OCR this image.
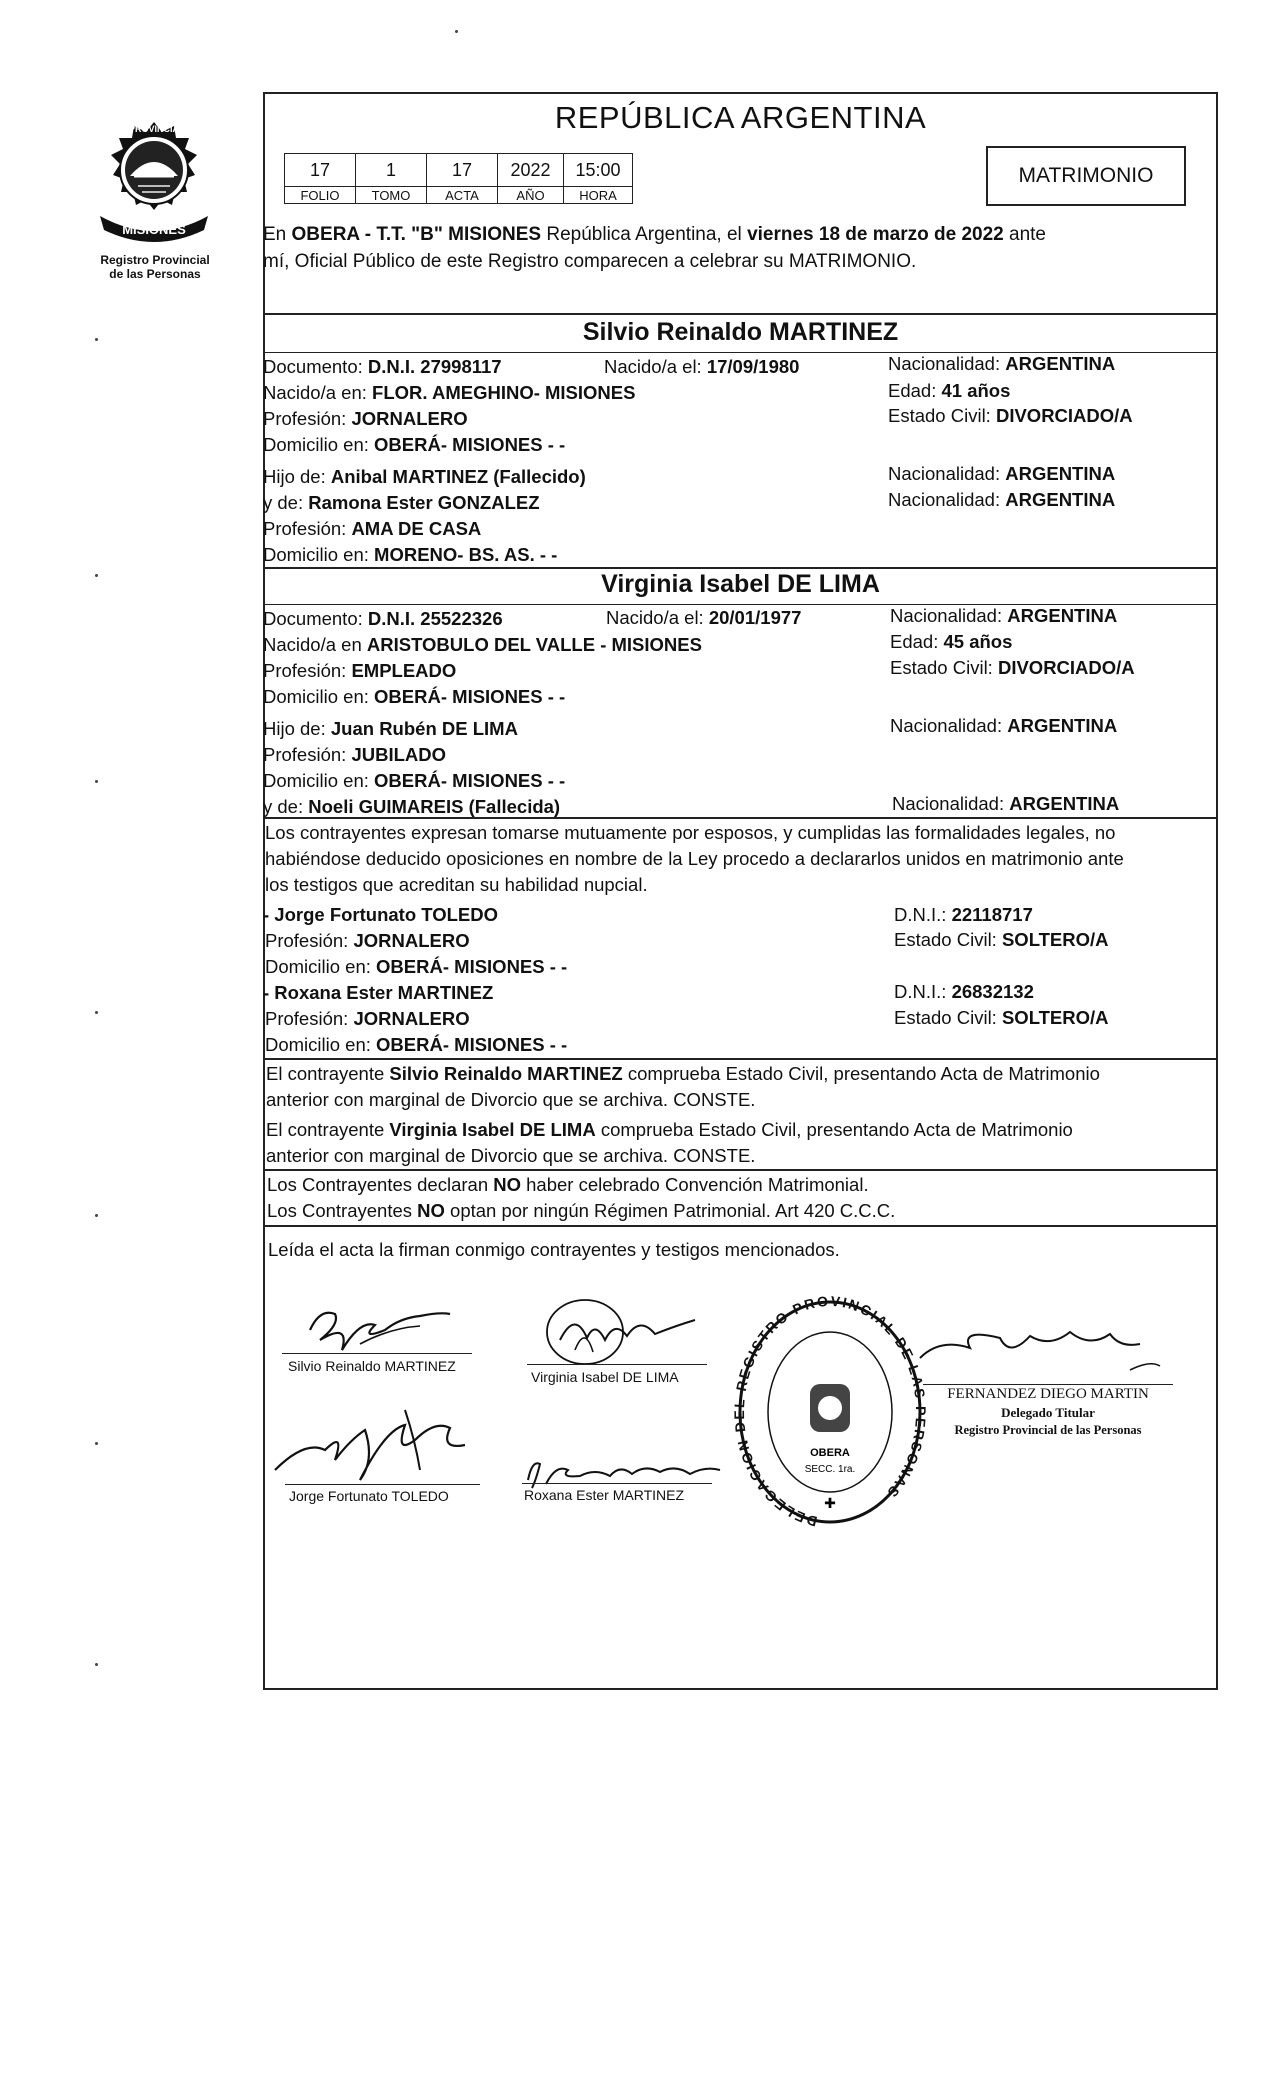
PROVINCIA
DE
MISIONES
Registro Provincial
de las Personas
REPÚBLICA ARGENTINA
17	1	17	2022	15:00
FOLIO	TOMO	ACTA	AÑO	HORA
MATRIMONIO
En OBERA - T.T. "B" MISIONES República Argentina, el viernes 18 de marzo de 2022 ante
mí, Oficial Público de este Registro comparecen a celebrar su MATRIMONIO.
Silvio Reinaldo MARTINEZ
Documento: D.N.I. 27998117	Nacido/a el: 17/09/1980	Nacionalidad: ARGENTINA
Nacido/a en: FLOR. AMEGHINO- MISIONES	Edad: 41 años
Profesión: JORNALERO	Estado Civil: DIVORCIADO/A
Domicilio en: OBERÁ- MISIONES - -
Hijo de: Anibal MARTINEZ (Fallecido)	Nacionalidad: ARGENTINA
y de: Ramona Ester GONZALEZ	Nacionalidad: ARGENTINA
Profesión: AMA DE CASA
Domicilio en: MORENO- BS. AS. - -
Virginia Isabel DE LIMA
Documento: D.N.I. 25522326	Nacido/a el: 20/01/1977	Nacionalidad: ARGENTINA
Nacido/a en ARISTOBULO DEL VALLE - MISIONES	Edad: 45 años
Profesión: EMPLEADO	Estado Civil: DIVORCIADO/A
Domicilio en: OBERÁ- MISIONES - -
Hijo de: Juan Rubén DE LIMA	Nacionalidad: ARGENTINA
Profesión: JUBILADO
Domicilio en: OBERÁ- MISIONES - -
y de: Noeli GUIMAREIS (Fallecida)	Nacionalidad: ARGENTINA
Los contrayentes expresan tomarse mutuamente por esposos, y cumplidas las formalidades legales, no
habiéndose deducido oposiciones en nombre de la Ley procedo a declararlos unidos en matrimonio ante
los testigos que acreditan su habilidad nupcial.
- Jorge Fortunato TOLEDO	D.N.I.: 22118717
Profesión: JORNALERO	Estado Civil: SOLTERO/A
Domicilio en: OBERÁ- MISIONES - -
- Roxana Ester MARTINEZ	D.N.I.: 26832132
Profesión: JORNALERO	Estado Civil: SOLTERO/A
Domicilio en: OBERÁ- MISIONES - -
El contrayente Silvio Reinaldo MARTINEZ comprueba Estado Civil, presentando Acta de Matrimonio
anterior con marginal de Divorcio que se archiva. CONSTE.
El contrayente Virginia Isabel DE LIMA comprueba Estado Civil, presentando Acta de Matrimonio
anterior con marginal de Divorcio que se archiva. CONSTE.
Los Contrayentes declaran NO haber celebrado Convención Matrimonial.
Los Contrayentes NO optan por ningún Régimen Patrimonial. Art 420 C.C.C.
Leída el acta la firman conmigo contrayentes y testigos mencionados.
Silvio Reinaldo MARTINEZ
Virginia Isabel DE LIMA
Jorge Fortunato TOLEDO	Roxana Ester MARTINEZ
DELEGACION DEL REGISTRO PROVINCIAL DE LAS PERSONAS
OBERA
SECC. 1ra.
✚
FERNANDEZ DIEGO MARTIN
Delegado Titular
Registro Provincial de las Personas
